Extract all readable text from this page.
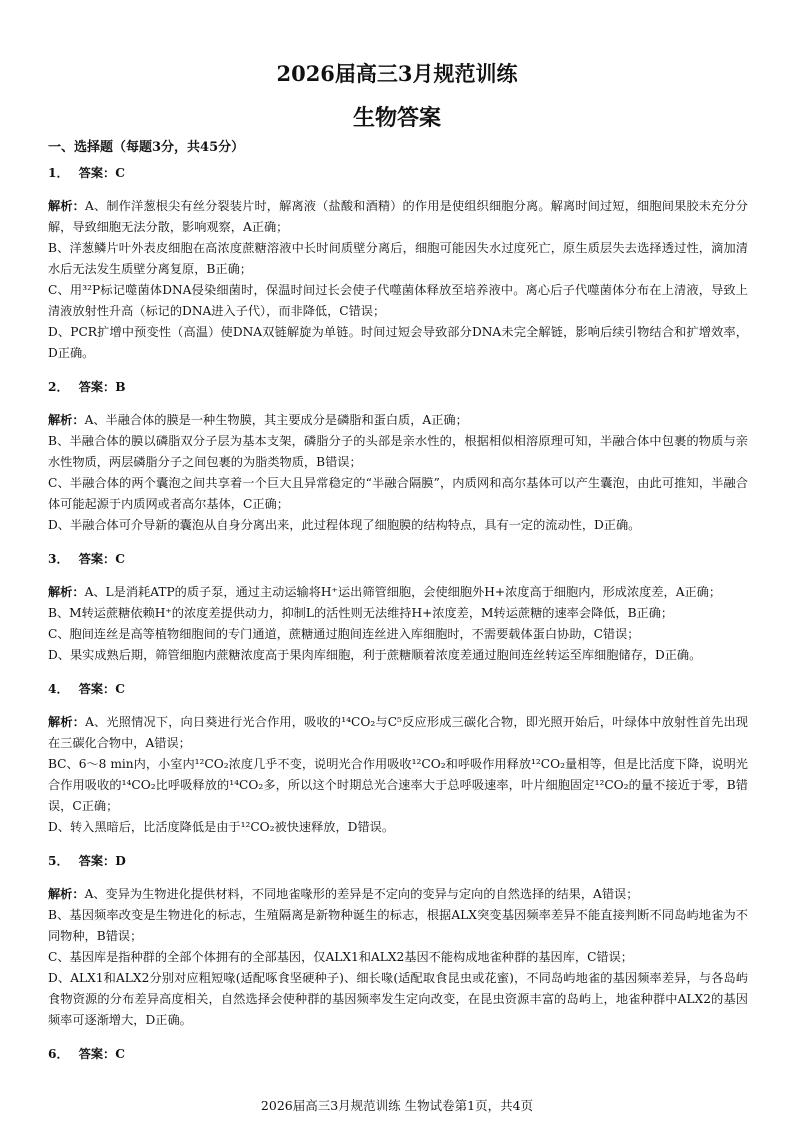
2026届高三3月规范训练
生物答案
一、选择题（每题3分，共45分）
1． 答案：C

解析：A、制作洋葱根尖有丝分裂装片时，解离液（盐酸和酒精）的作用是使组织细胞分离。解离时间过短，细胞间果胶未充分分解，导致细胞无法分散，影响观察，A正确；

B、洋葱鳞片叶外表皮细胞在高浓度蔗糖溶液中长时间质壁分离后，细胞可能因失水过度死亡，原生质层失去选择透过性，滴加清水后无法发生质壁分离复原，B正确；

C、用³²P标记噬菌体DNA侵染细菌时，保温时间过长会使子代噬菌体释放至培养液中。离心后子代噬菌体分布在上清液，导致上清液放射性升高（标记的DNA进入子代），而非降低，C错误；

D、PCR扩增中预变性（高温）使DNA双链解旋为单链。时间过短会导致部分DNA未完全解链，影响后续引物结合和扩增效率，D正确。

2． 答案：B

解析：A、半融合体的膜是一种生物膜，其主要成分是磷脂和蛋白质，A正确；

B、半融合体的膜以磷脂双分子层为基本支架，磷脂分子的头部是亲水性的，根据相似相溶原理可知，半融合体中包裹的物质与亲水性物质，两层磷脂分子之间包裹的为脂类物质，B错误；

C、半融合体的两个囊泡之间共享着一个巨大且异常稳定的“半融合隔膜”，内质网和高尔基体可以产生囊泡，由此可推知，半融合体可能起源于内质网或者高尔基体，C正确；

D、半融合体可介导新的囊泡从自身分离出来，此过程体现了细胞膜的结构特点，具有一定的流动性，D正确。

3． 答案：C

解析：A、L是消耗ATP的质子泵，通过主动运输将H⁺运出筛管细胞，会使细胞外H+浓度高于细胞内，形成浓度差，A正确；

B、M转运蔗糖依赖H⁺的浓度差提供动力，抑制L的活性则无法维持H+浓度差，M转运蔗糖的速率会降低，B正确；

C、胞间连丝是高等植物细胞间的专门通道，蔗糖通过胞间连丝进入库细胞时，不需要载体蛋白协助，C错误；

D、果实成熟后期，筛管细胞内蔗糖浓度高于果肉库细胞，利于蔗糖顺着浓度差通过胞间连丝转运至库细胞储存，D正确。

4． 答案：C

解析：A、光照情况下，向日葵进行光合作用，吸收的¹⁴CO₂与C⁵反应形成三碳化合物，即光照开始后，叶绿体中放射性首先出现在三碳化合物中，A错误；

BC、6～8 min内，小室内¹²CO₂浓度几乎不变，说明光合作用吸收¹²CO₂和呼吸作用释放¹²CO₂量相等，但是比活度下降，说明光合作用吸收的¹⁴CO₂比呼吸释放的¹⁴CO₂多，所以这个时期总光合速率大于总呼吸速率，叶片细胞固定¹²CO₂的量不接近于零，B错误，C正确；

D、转入黑暗后，比活度降低是由于¹²CO₂被快速释放，D错误。

5． 答案：D

解析：A、变异为生物进化提供材料，不同地雀喙形的差异是不定向的变异与定向的自然选择的结果，A错误；

B、基因频率改变是生物进化的标志，生殖隔离是新物种诞生的标志，根据ALX突变基因频率差异不能直接判断不同岛屿地雀为不同物种，B错误；

C、基因库是指种群的全部个体拥有的全部基因，仅ALX1和ALX2基因不能构成地雀种群的基因库，C错误；

D、ALX1和ALX2分别对应粗短喙(适配啄食坚硬种子)、细长喙(适配取食昆虫或花蜜)，不同岛屿地雀的基因频率差异，与各岛屿食物资源的分布差异高度相关，自然选择会使种群的基因频率发生定向改变，在昆虫资源丰富的岛屿上，地雀种群中ALX2的基因频率可逐渐增大，D正确。

6． 答案：C
2026届高三3月规范训练 生物试卷第1页，共4页
